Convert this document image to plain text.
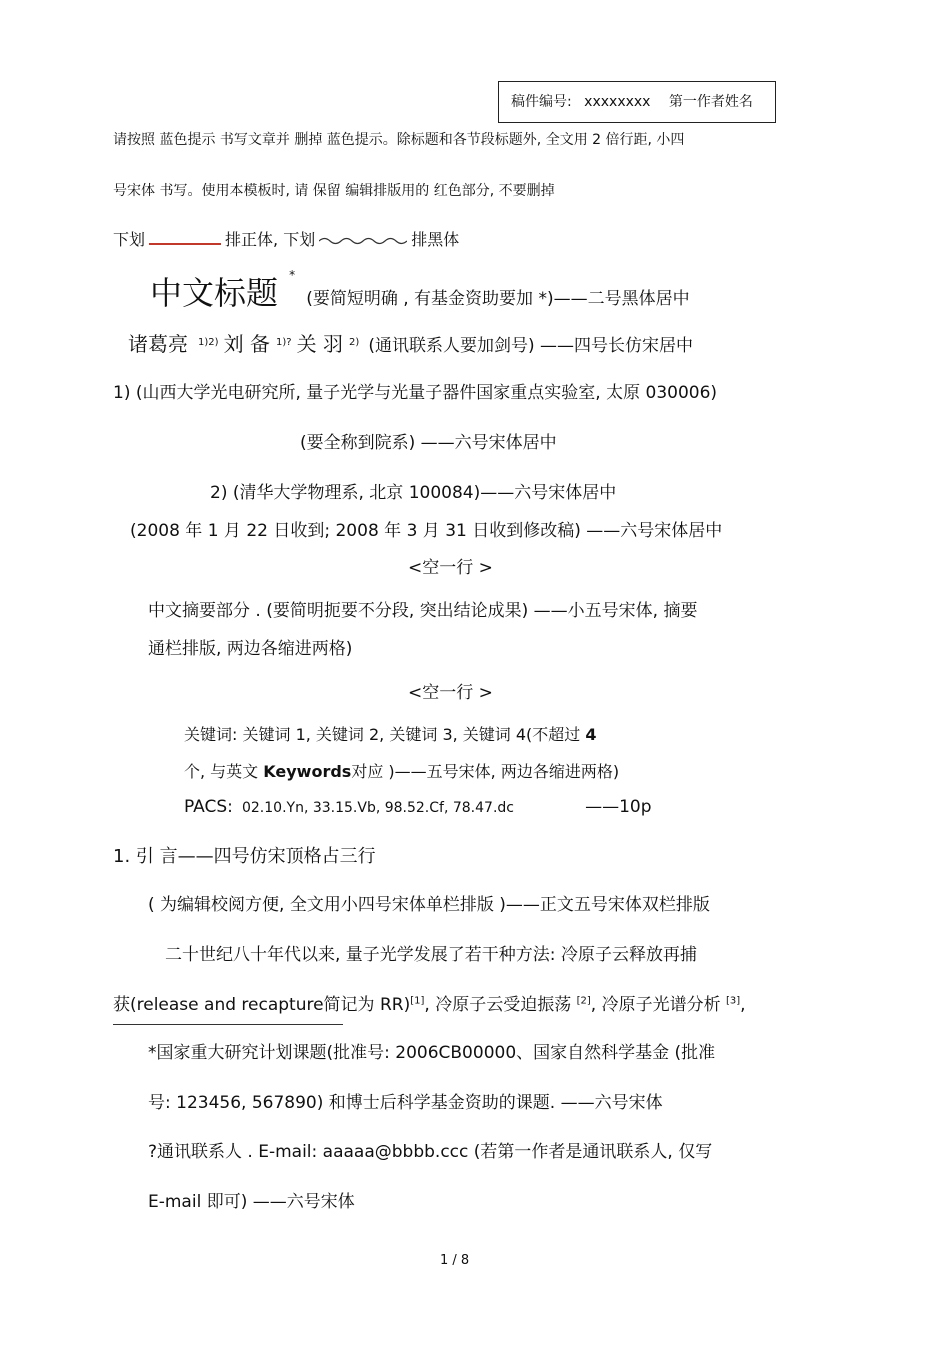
稿件编号: xxxxxxxx 第一作者姓名
请按照 蓝色提示 书写文章并 删掉 蓝色提示。除标题和各节段标题外, 全文用 2 倍行距, 小四
号宋体 书写。使用本模板时, 请 保留 编辑排版用的 红色部分, 不要删掉
下划	排正体, 下划	排黑体
中文标题 * (要简短明确 , 有基金资助要加 *)——二号黑体居中
诸葛亮 $^{1)2)}$ 刘 备 $^{1)?}$ 关 羽 $^{2)}$ (通讯联系人要加剑号) ——四号长仿宋居中
1) (山西大学光电研究所, 量子光学与光量子器件国家重点实验室, 太原 030006)
(要全称到院系) ——六号宋体居中
2) (清华大学物理系, 北京 100084)——六号宋体居中
(2008 年 1 月 22 日收到; 2008 年 3 月 31 日收到修改稿) ——六号宋体居中
<空一行 >
中文摘要部分 . (要简明扼要不分段, 突出结论成果) ——小五号宋体, 摘要
通栏排版, 两边各缩进两格)
<空一行 >
关键词: 关键词 1, 关键词 2, 关键词 3, 关键词 4(不超过 4
个, 与英文 Keywords对应 )——五号宋体, 两边各缩进两格)
PACS: 02.10.Yn, 33.15.Vb, 98.52.Cf, 78.47.dc	——10p
1. 引 言——四号仿宋顶格占三行
( 为编辑校阅方便, 全文用小四号宋体单栏排版 )——正文五号宋体双栏排版
二十世纪八十年代以来, 量子光学发展了若干种方法: 冷原子云释放再捕
获(release and recapture简记为 RR)[1], 冷原子云受迫振荡 [2], 冷原子光谱分析 [3],
*国家重大研究计划课题(批准号: 2006CB00000、国家自然科学基金 (批准
号: 123456, 567890) 和博士后科学基金资助的课题. ——六号宋体
?通讯联系人 . E-mail: aaaaa@bbbb.ccc (若第一作者是通讯联系人, 仅写
E-mail 即可) ——六号宋体
1 / 8
